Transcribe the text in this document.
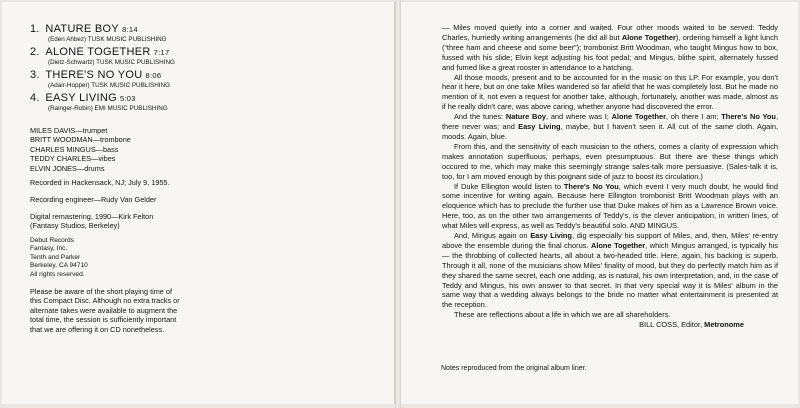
1. NATURE BOY 8:14
(Eden Ahbez) TUSK MUSIC PUBLISHING
2. ALONE TOGETHER 7:17
(Dietz-Schwartz) TUSK MUSIC PUBLISHING
3. THERE'S NO YOU 8:06
(Adair-Hopper) TUSK MUSIC PUBLISHING
4. EASY LIVING 5:03
(Rainger-Robin) EMI MUSIC PUBLISHING
MILES DAVIS—trumpet
BRITT WOODMAN—trombone
CHARLES MINGUS—bass
TEDDY CHARLES—vibes
ELVIN JONES—drums
Recorded in Hackensack, NJ; July 9, 1955.
Recording engineer—Rudy Van Gelder
Digital remastering, 1990—Kirk Felton
(Fantasy Studios, Berkeley)
Debut Records
Fantasy, Inc.
Tenth and Parker
Berkeley, CA 94710
All rights reserved.
Please be aware of the short playing time of
this Compact Disc. Although no extra tracks or
alternate takes were available to augment the
total time, the session is sufficiently important
that we are offering it on CD nonetheless.

— Miles moved quietly into a corner and waited. Four other moods waited to be served: Teddy Charles, hurriedly writing arrangements (he did all but Alone Together), ordering himself a light lunch (“three ham and cheese and some beer”); trombonist Britt Woodman, who taught Mingus how to box, fussed with his slide; Elvin kept adjusting his foot pedal; and Mingus, blithe spirit, alternately fussed and fumed like a great rooster in attendance to a hatching.

All those moods, present and to be accounted for in the music on this LP. For example, you don't hear it here, but on one take Miles wandered so far afield that he was completely lost. But he made no mention of it, not even a request for another take, although, fortunately, another was made, almost as if he really didn't care, was above caring, whether anyone had discovered the error.

And the tunes: Nature Boy, and where was I; Alone Together, oh there I am; There's No You, there never was; and Easy Living, maybe, but I haven't seen it. All cut of the same cloth. Again, moods. Again, blue.

From this, and the sensitivity of each musician to the others, comes a clarity of expression which makes annotation superfluous, perhaps, even presumptuous. But there are these things which occured to me, which may make this seemingly strange sales-talk more persuasive. (Sales-talk it is, too, for I am moved enough by this poignant side of jazz to boost its circulation.)

If Duke Ellington would listen to There's No You, which event I very much doubt, he would find some incentive for writing again. Because here Ellington trombonist Britt Woodman plays with an eloquence which has to preclude the further use that Duke makes of him as a Lawrence Brown voice. Here, too, as on the other two arrangements of Teddy's, is the clever anticipation, in written lines, of what Miles will express, as well as Teddy's beautiful solo. AND MINGUS.

And, Mingus again on Easy Living, dig especially his support of Miles, and, then, Miles' re-entry above the ensemble during the final chorus. Alone Together, which Mingus arranged, is typically his — the throbbing of collected hearts, all about a two-headed title. Here, again, his backing is superb. Through it all, none of the musicians show Miles' finality of mood, but they do perfectly match him as if they shared the same secret, each one adding, as is natural, his own interpretation, and, in the case of Teddy and Mingus, his own answer to that secret. In that very special way it is Miles' album in the same way that a wedding always belongs to the bride no matter what entertainment is presented at the reception.

These are reflections about a life in which we are all shareholders.

BILL COSS, Editor, Metronome
Notes reproduced from the original album liner.
